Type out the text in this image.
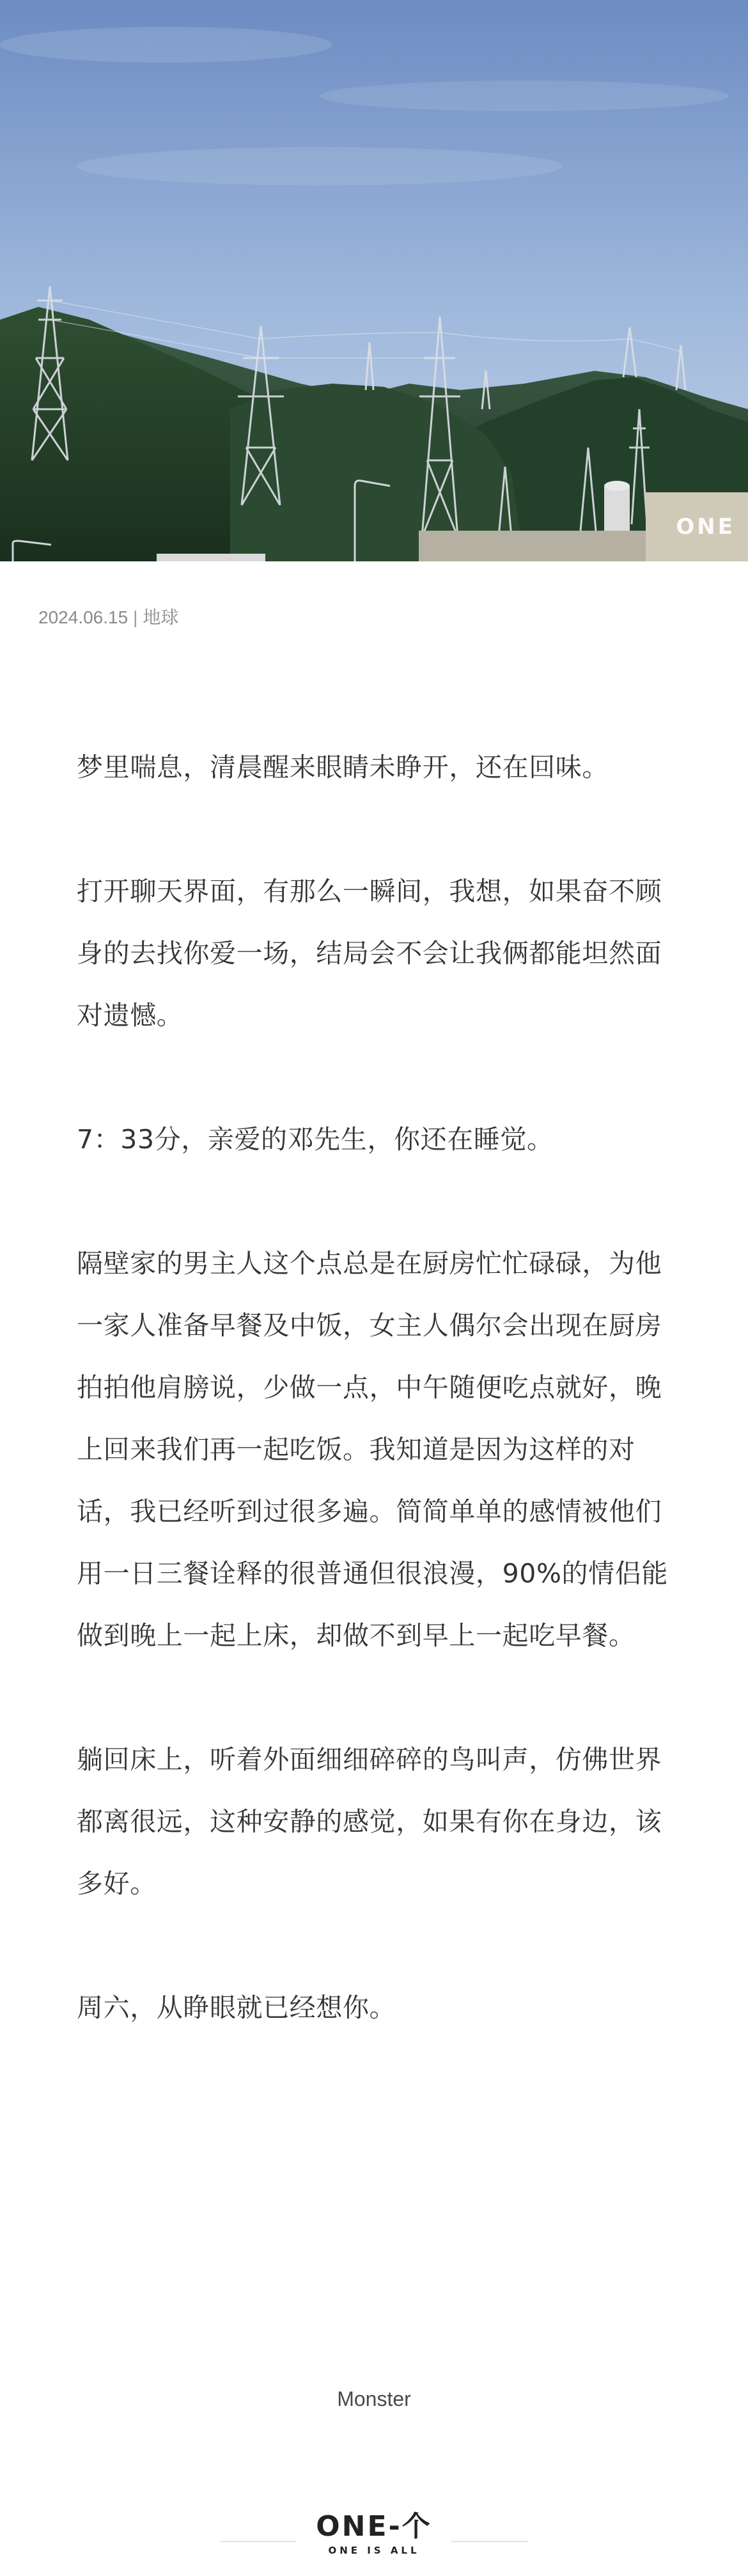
ONE
2024.06.15 | 地球

梦里喘息，清晨醒来眼睛未睁开，还在回味。

打开聊天界面，有那么一瞬间，我想，如果奋不顾身的去找你爱一场，结局会不会让我俩都能坦然面对遗憾。

7：33分，亲爱的邓先生，你还在睡觉。

隔壁家的男主人这个点总是在厨房忙忙碌碌，为他一家人准备早餐及中饭，女主人偶尔会出现在厨房拍拍他肩膀说，少做一点，中午随便吃点就好，晚上回来我们再一起吃饭。我知道是因为这样的对话，我已经听到过很多遍。简简单单的感情被他们用一日三餐诠释的很普通但很浪漫，90%的情侣能做到晚上一起上床，却做不到早上一起吃早餐。

躺回床上，听着外面细细碎碎的鸟叫声，仿佛世界都离很远，这种安静的感觉，如果有你在身边，该多好。

周六，从睁眼就已经想你。

Monster
ONE-个
ONE IS ALL
